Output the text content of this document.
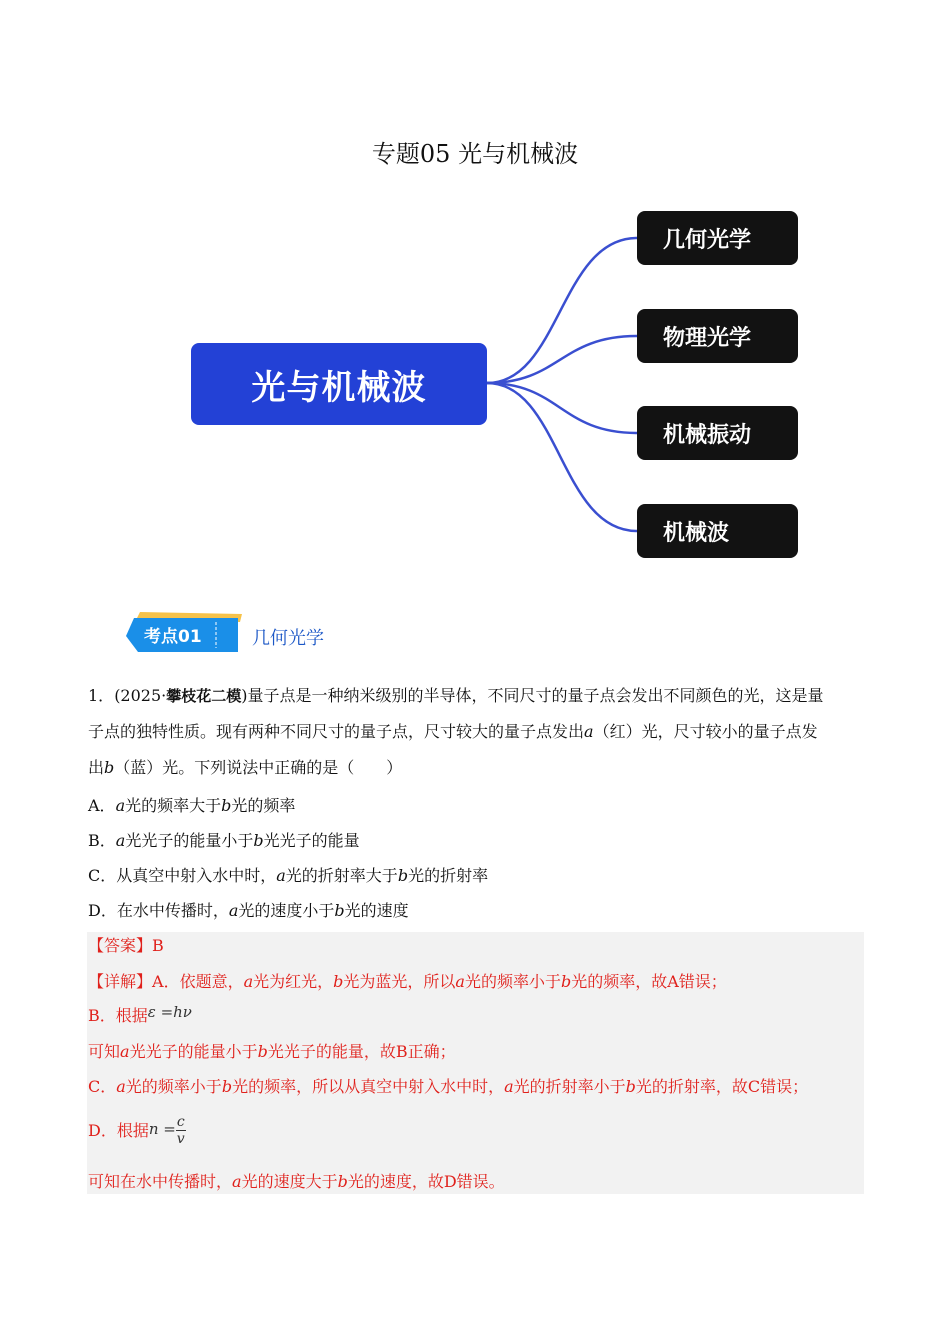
专题05 光与机械波
光与机械波
几何光学
物理光学
机械振动
机械波
考点01	几何光学
1．(2025·攀枝花二模)量子点是一种纳米级别的半导体，不同尺寸的量子点会发出不同颜色的光，这是量
子点的独特性质。现有两种不同尺寸的量子点，尺寸较大的量子点发出a（红）光，尺寸较小的量子点发
出b（蓝）光。下列说法中正确的是（　　）
A．a光的频率大于b光的频率
B．a光光子的能量小于b光光子的能量
C．从真空中射入水中时，a光的折射率大于b光的折射率
D．在水中传播时，a光的速度小于b光的速度
【答案】B
【详解】A．依题意，a光为红光，b光为蓝光，所以a光的频率小于b光的频率，故A错误；
B．根据ε =hν
可知a光光子的能量小于b光光子的能量，故B正确；
C．a光的频率小于b光的频率，所以从真空中射入水中时，a光的折射率小于b光的折射率，故C错误；
D．根据$n = \frac{c}{v}$
可知在水中传播时，a光的速度大于b光的速度，故D错误。
